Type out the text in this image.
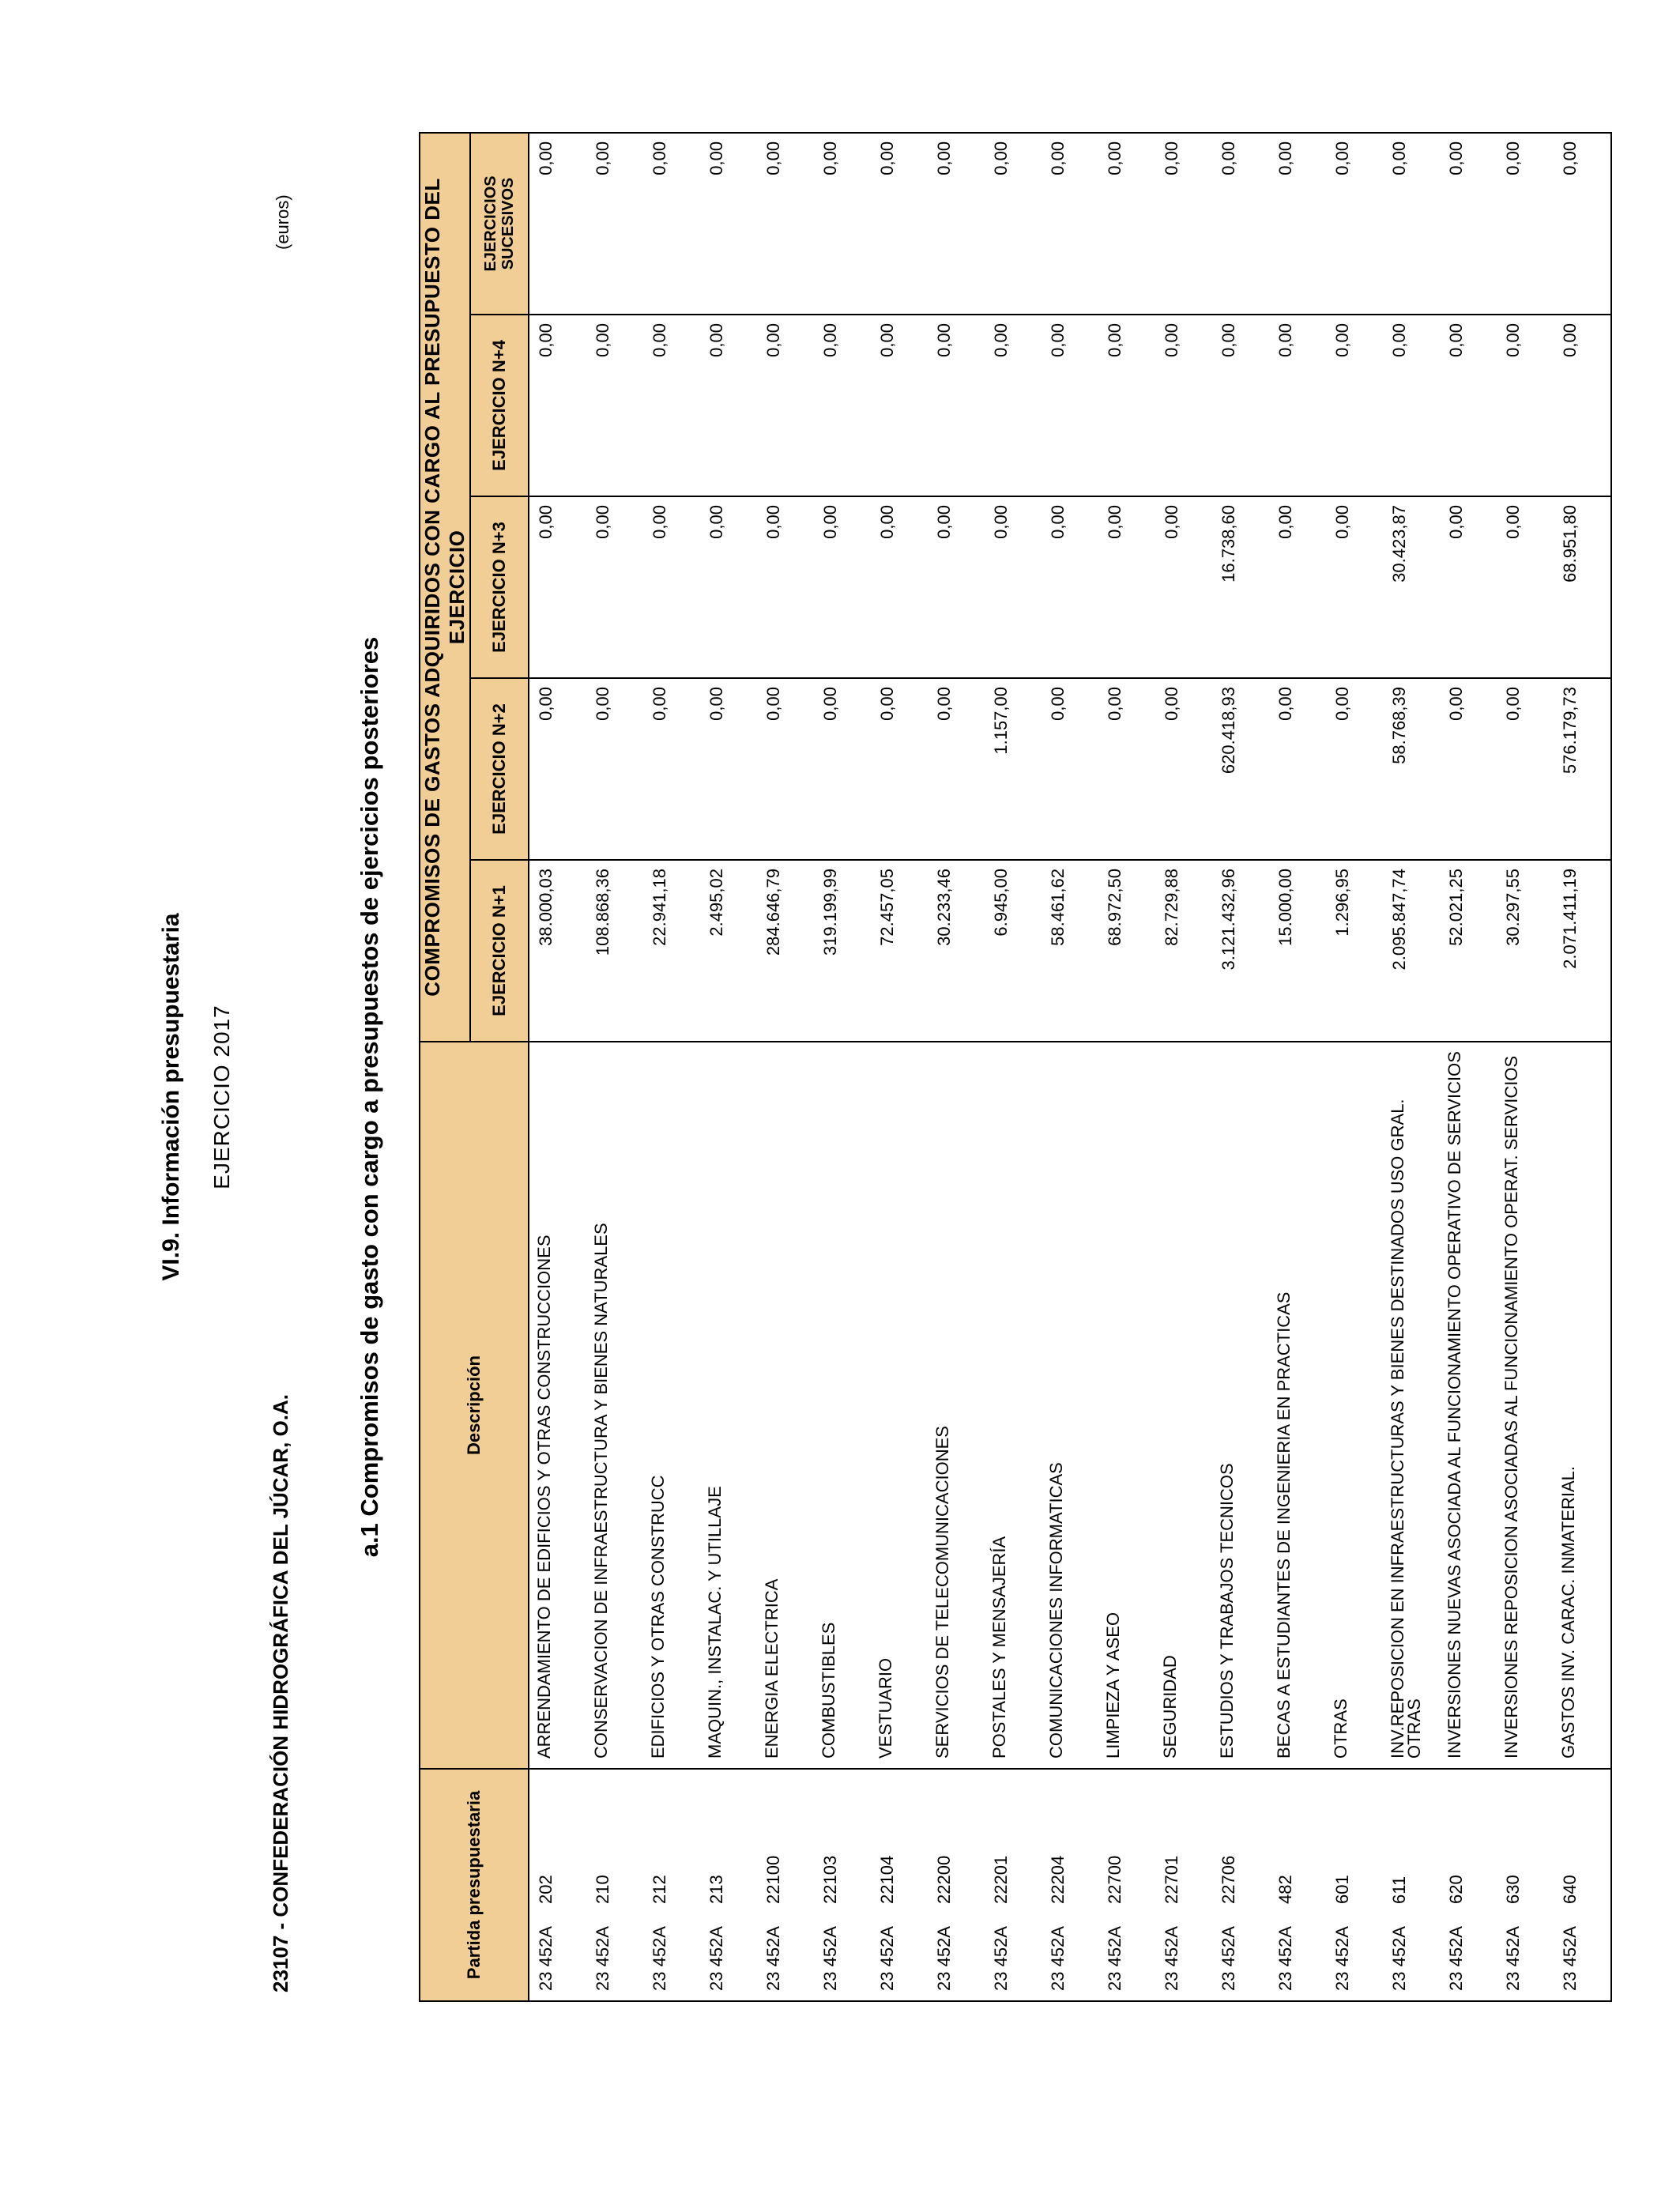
VI.9. Información presupuestaria EJERCICIO 2017
23107 - CONFEDERACIÓN HIDROGRÁFICA DEL JÚCAR, O.A.
(euros)
a.1 Compromisos de gasto con cargo a presupuestos de ejercicios posteriores
Partida presupuestaria	Descripción	COMPROMISOS DE GASTOS ADQUIRIDOS CON CARGO AL PRESUPUESTO DEL EJERCICIO				
		EJERCICIO N+1	EJERCICIO N+2	EJERCICIO N+3	EJERCICIO N+4	EJERCICIOS SUCESIVOS
23 452A202	ARRENDAMIENTO DE EDIFICIOS Y OTRAS CONSTRUCCIONES	38.000,03	0,00	0,00	0,00	0,00
23 452A210	CONSERVACION DE INFRAESTRUCTURA Y BIENES NATURALES	108.868,36	0,00	0,00	0,00	0,00
23 452A212	EDIFICIOS Y OTRAS CONSTRUCC	22.941,18	0,00	0,00	0,00	0,00
23 452A213	MAQUIN., INSTALAC. Y UTILLAJE	2.495,02	0,00	0,00	0,00	0,00
23 452A22100	ENERGIA ELECTRICA	284.646,79	0,00	0,00	0,00	0,00
23 452A22103	COMBUSTIBLES	319.199,99	0,00	0,00	0,00	0,00
23 452A22104	VESTUARIO	72.457,05	0,00	0,00	0,00	0,00
23 452A22200	SERVICIOS DE TELECOMUNICACIONES	30.233,46	0,00	0,00	0,00	0,00
23 452A22201	POSTALES Y MENSAJERÍA	6.945,00	1.157,00	0,00	0,00	0,00
23 452A22204	COMUNICACIONES INFORMATICAS	58.461,62	0,00	0,00	0,00	0,00
23 452A22700	LIMPIEZA Y ASEO	68.972,50	0,00	0,00	0,00	0,00
23 452A22701	SEGURIDAD	82.729,88	0,00	0,00	0,00	0,00
23 452A22706	ESTUDIOS Y TRABAJOS TECNICOS	3.121.432,96	620.418,93	16.738,60	0,00	0,00
23 452A482	BECAS A ESTUDIANTES DE INGENIERIA EN PRACTICAS	15.000,00	0,00	0,00	0,00	0,00
23 452A601	OTRAS	1.296,95	0,00	0,00	0,00	0,00
23 452A611	INV.REPOSICION EN INFRAESTRUCTURAS Y BIENES DESTINADOS USO GRAL. OTRAS	2.095.847,74	58.768,39	30.423,87	0,00	0,00
23 452A620	INVERSIONES NUEVAS ASOCIADA AL FUNCIONAMIENTO OPERATIVO DE SERVICIOS	52.021,25	0,00	0,00	0,00	0,00
23 452A630	INVERSIONES REPOSICION ASOCIADAS AL FUNCIONAMIENTO OPERAT. SERVICIOS	30.297,55	0,00	0,00	0,00	0,00
23 452A640	GASTOS INV. CARAC. INMATERIAL.	2.071.411,19	576.179,73	68.951,80	0,00	0,00
